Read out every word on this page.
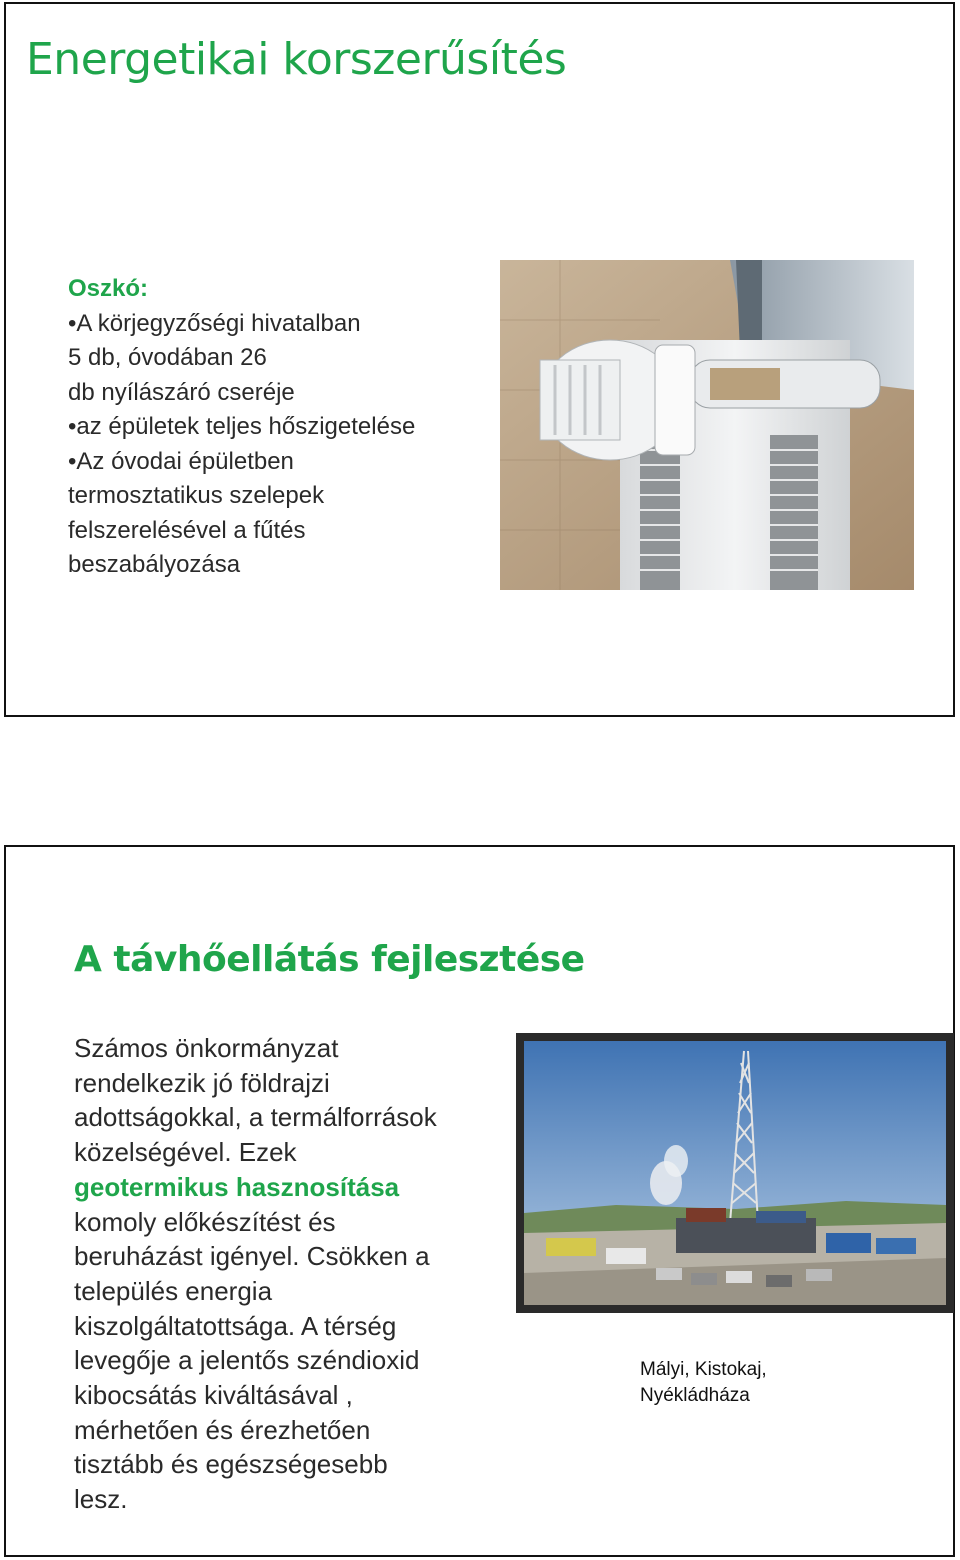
Energetikai korszerűsítés
Oszkó:
•A körjegyzőségi hivatalban
5 db, óvodában 26
db nyílászáró cseréje
•az épületek teljes hőszigetelése
•Az óvodai épületben
termosztatikus szelepek
felszerelésével a fűtés
beszabályozása
A távhőellátás fejlesztése
Számos önkormányzat
rendelkezik jó földrajzi
adottságokkal, a termálforrások
közelségével. Ezek
geotermikus hasznosítása
komoly előkészítést és
beruházást igényel. Csökken a
település energia
kiszolgáltatottsága. A térség
levegője a jelentős széndioxid
kibocsátás kiváltásával ,
mérhetően és érezhetően
tisztább és egészségesebb
lesz.
Mályi, Kistokaj,
Nyékládháza
